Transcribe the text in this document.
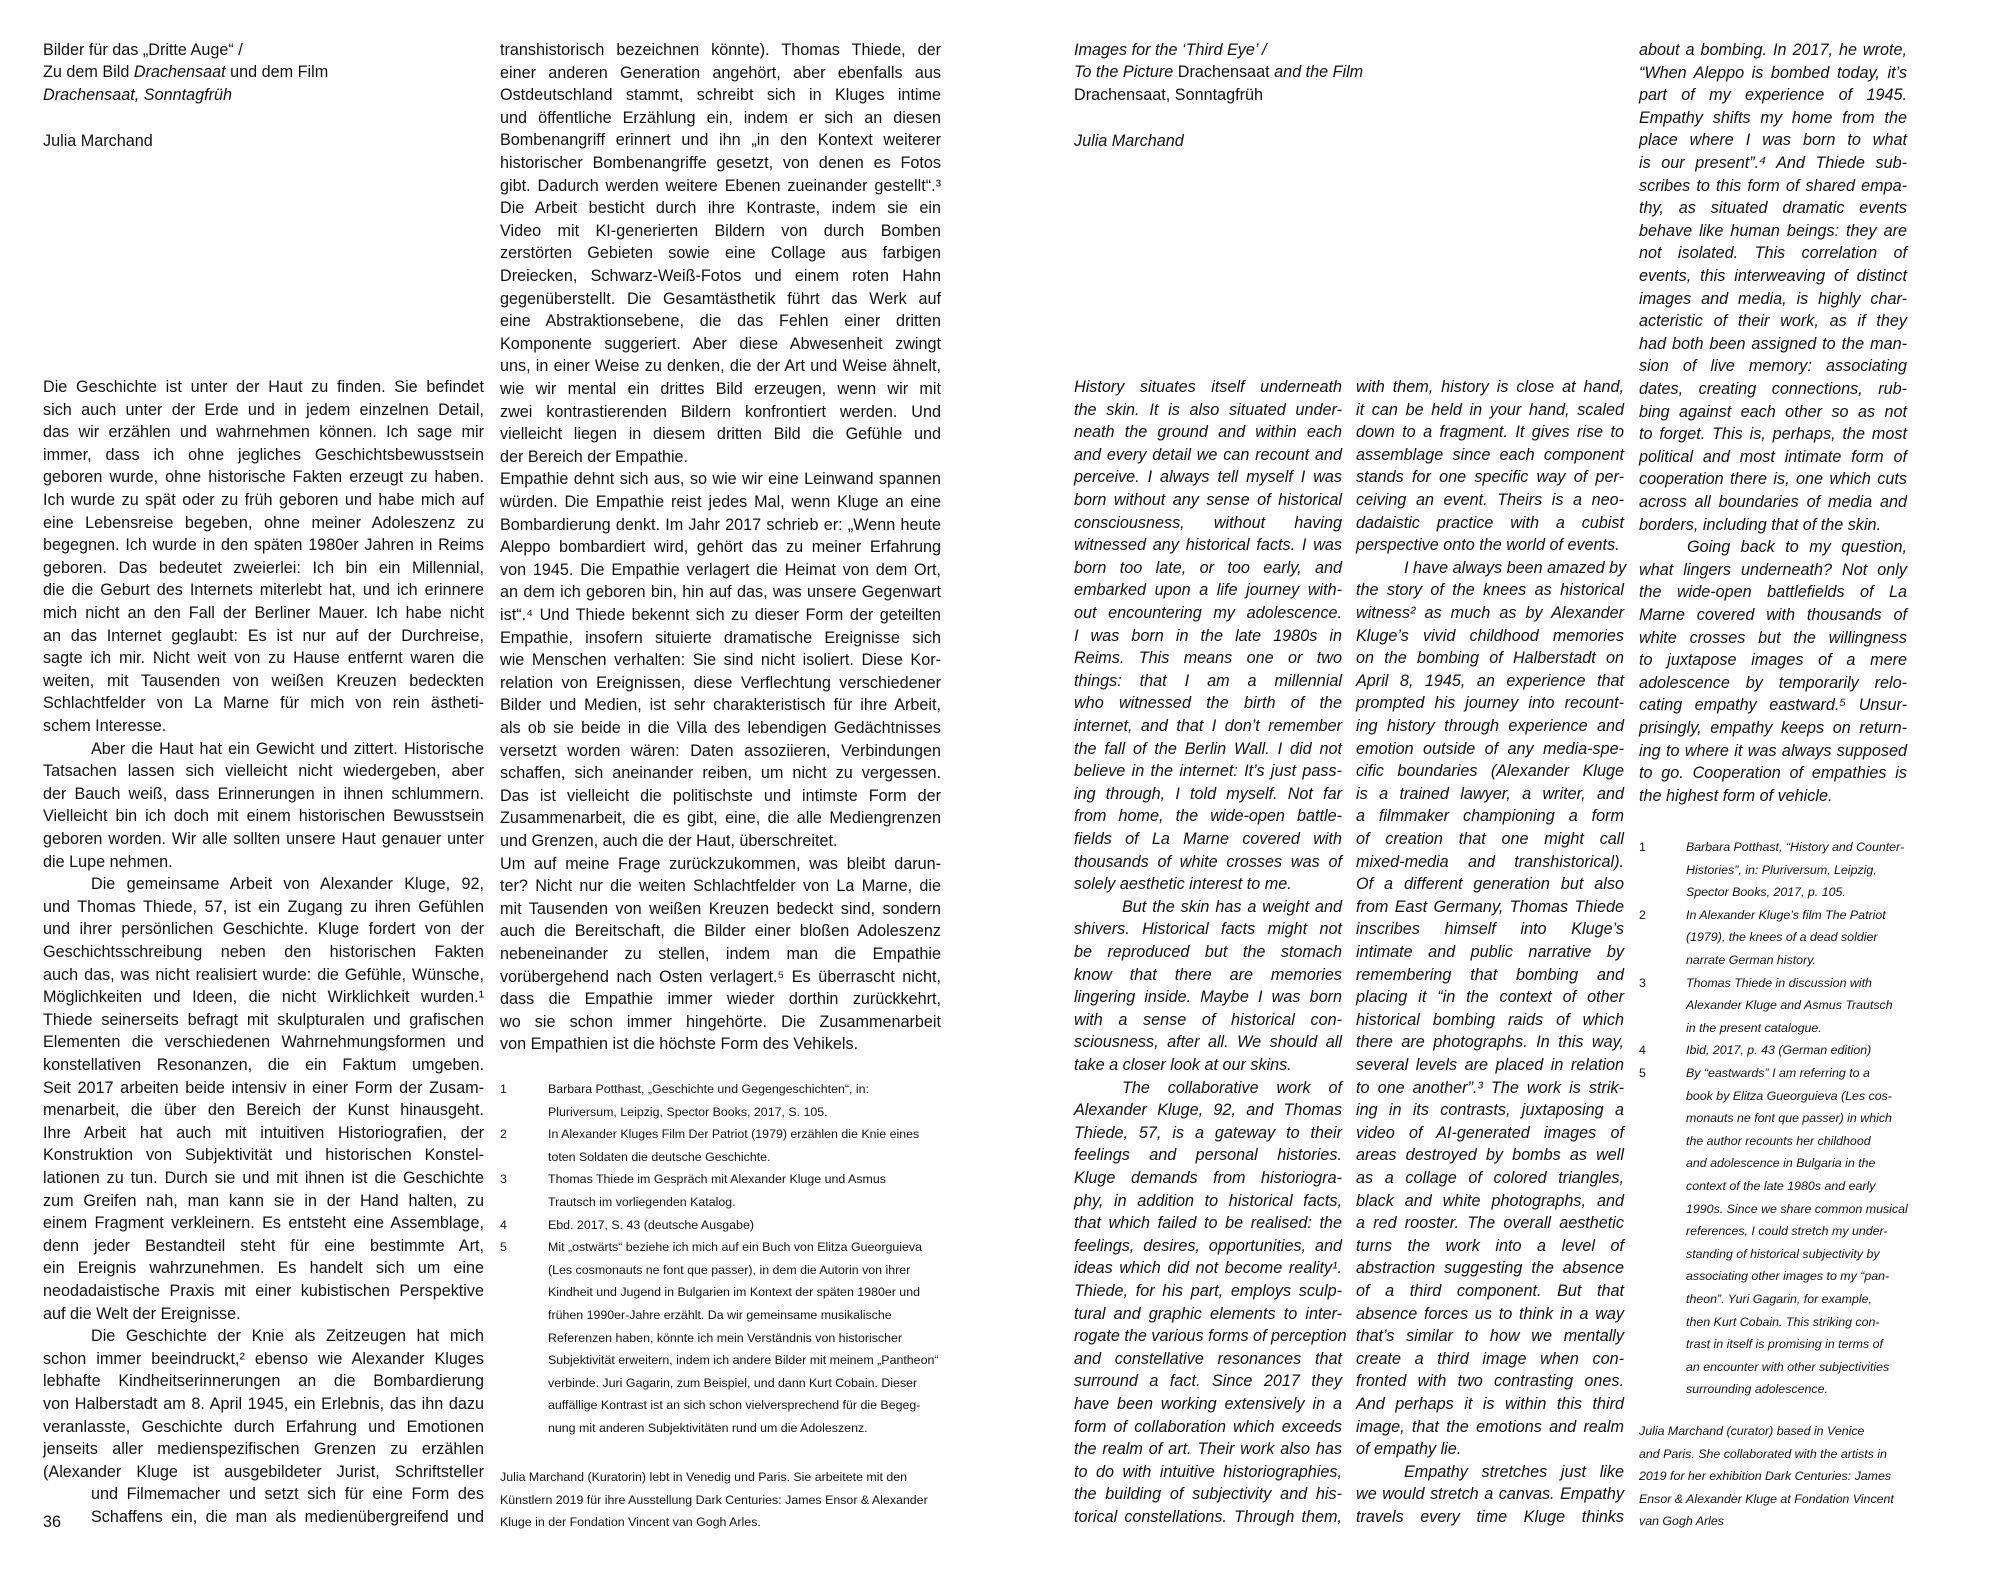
Bilder für das „Dritte Auge“ /
Zu dem Bild Drachensaat und dem Film
Drachensaat, Sonntagfrüh
Julia Marchand
Die Geschichte ist unter der Haut zu finden. Sie befindet
sich auch unter der Erde und in jedem einzelnen Detail,
das wir erzählen und wahrnehmen können. Ich sage mir
immer, dass ich ohne jegliches Geschichtsbewusstsein
geboren wurde, ohne historische Fakten erzeugt zu haben.
Ich wurde zu spät oder zu früh geboren und habe mich auf
eine Lebensreise begeben, ohne meiner Adoleszenz zu
begegnen. Ich wurde in den späten 1980er Jahren in Reims
geboren. Das bedeutet zweierlei: Ich bin ein Millennial,
die die Geburt des Internets miterlebt hat, und ich erinnere
mich nicht an den Fall der Berliner Mauer. Ich habe nicht
an das Internet geglaubt: Es ist nur auf der Durchreise,
sagte ich mir. Nicht weit von zu Hause entfernt waren die
weiten, mit Tausenden von weißen Kreuzen bedeckten
Schlachtfelder von La Marne für mich von rein ästheti-
schem Interesse.
Aber die Haut hat ein Gewicht und zittert. Historische
Tatsachen lassen sich vielleicht nicht wiedergeben, aber
der Bauch weiß, dass Erinnerungen in ihnen schlummern.
Vielleicht bin ich doch mit einem historischen Bewusstsein
geboren worden. Wir alle sollten unsere Haut genauer unter
die Lupe nehmen.
Die gemeinsame Arbeit von Alexander Kluge, 92,
und Thomas Thiede, 57, ist ein Zugang zu ihren Gefühlen
und ihrer persönlichen Geschichte. Kluge fordert von der
Geschichtsschreibung neben den historischen Fakten
auch das, was nicht realisiert wurde: die Gefühle, Wünsche,
Möglichkeiten und Ideen, die nicht Wirklichkeit wurden.¹
Thiede seinerseits befragt mit skulpturalen und grafischen
Elementen die verschiedenen Wahrnehmungsformen und
konstellativen Resonanzen, die ein Faktum umgeben.
Seit 2017 arbeiten beide intensiv in einer Form der Zusam-
menarbeit, die über den Bereich der Kunst hinausgeht.
Ihre Arbeit hat auch mit intuitiven Historiografien, der
Konstruktion von Subjektivität und historischen Konstel-
lationen zu tun. Durch sie und mit ihnen ist die Geschichte
zum Greifen nah, man kann sie in der Hand halten, zu
einem Fragment verkleinern. Es entsteht eine Assemblage,
denn jeder Bestandteil steht für eine bestimmte Art,
ein Ereignis wahrzunehmen. Es handelt sich um eine
neodadaistische Praxis mit einer kubistischen Perspektive
auf die Welt der Ereignisse.
Die Geschichte der Knie als Zeitzeugen hat mich
schon immer beeindruckt,² ebenso wie Alexander Kluges
lebhafte Kindheitserinnerungen an die Bombardierung
von Halberstadt am 8. April 1945, ein Erlebnis, das ihn dazu
veranlasste, Geschichte durch Erfahrung und Emotionen
jenseits aller medienspezifischen Grenzen zu erzählen
(Alexander Kluge ist ausgebildeter Jurist, Schriftsteller
und Filmemacher und setzt sich für eine Form des
Schaffens ein, die man als medienübergreifend und
transhistorisch bezeichnen könnte). Thomas Thiede, der
einer anderen Generation angehört, aber ebenfalls aus
Ostdeutschland stammt, schreibt sich in Kluges intime
und öffentliche Erzählung ein, indem er sich an diesen
Bombenangriff erinnert und ihn „in den Kontext weiterer
historischer Bombenangriffe gesetzt, von denen es Fotos
gibt. Dadurch werden weitere Ebenen zueinander gestellt“.³
Die Arbeit besticht durch ihre Kontraste, indem sie ein
Video mit KI-generierten Bildern von durch Bomben
zerstörten Gebieten sowie eine Collage aus farbigen
Dreiecken, Schwarz-Weiß-Fotos und einem roten Hahn
gegenüberstellt. Die Gesamtästhetik führt das Werk auf
eine Abstraktionsebene, die das Fehlen einer dritten
Komponente suggeriert. Aber diese Abwesenheit zwingt
uns, in einer Weise zu denken, die der Art und Weise ähnelt,
wie wir mental ein drittes Bild erzeugen, wenn wir mit
zwei kontrastierenden Bildern konfrontiert werden. Und
vielleicht liegen in diesem dritten Bild die Gefühle und
der Bereich der Empathie.
Empathie dehnt sich aus, so wie wir eine Leinwand spannen
würden. Die Empathie reist jedes Mal, wenn Kluge an eine
Bombardierung denkt. Im Jahr 2017 schrieb er: „Wenn heute
Aleppo bombardiert wird, gehört das zu meiner Erfahrung
von 1945. Die Empathie verlagert die Heimat von dem Ort,
an dem ich geboren bin, hin auf das, was unsere Gegenwart
ist“.⁴ Und Thiede bekennt sich zu dieser Form der geteilten
Empathie, insofern situierte dramatische Ereignisse sich
wie Menschen verhalten: Sie sind nicht isoliert. Diese Kor-
relation von Ereignissen, diese Verflechtung verschiedener
Bilder und Medien, ist sehr charakteristisch für ihre Arbeit,
als ob sie beide in die Villa des lebendigen Gedächtnisses
versetzt worden wären: Daten assoziieren, Verbindungen
schaffen, sich aneinander reiben, um nicht zu vergessen.
Das ist vielleicht die politischste und intimste Form der
Zusammenarbeit, die es gibt, eine, die alle Mediengrenzen
und Grenzen, auch die der Haut, überschreitet.
Um auf meine Frage zurückzukommen, was bleibt darun-
ter? Nicht nur die weiten Schlachtfelder von La Marne, die
mit Tausenden von weißen Kreuzen bedeckt sind, sondern
auch die Bereitschaft, die Bilder einer bloßen Adoleszenz
nebeneinander zu stellen, indem man die Empathie
vorübergehend nach Osten verlagert.⁵ Es überrascht nicht,
dass die Empathie immer wieder dorthin zurückkehrt,
wo sie schon immer hingehörte. Die Zusammenarbeit
von Empathien ist die höchste Form des Vehikels.
1	Barbara Potthast, „Geschichte und Gegengeschichten“, in:
Pluriversum, Leipzig, Spector Books, 2017, S. 105.
2	In Alexander Kluges Film Der Patriot (1979) erzählen die Knie eines
toten Soldaten die deutsche Geschichte.
3	Thomas Thiede im Gespräch mit Alexander Kluge und Asmus
Trautsch im vorliegenden Katalog.
4	Ebd. 2017, S. 43 (deutsche Ausgabe)
5	Mit „ostwärts“ beziehe ich mich auf ein Buch von Elitza Gueorguieva
(Les cosmonauts ne font que passer), in dem die Autorin von ihrer
Kindheit und Jugend in Bulgarien im Kontext der späten 1980er und
frühen 1990er-Jahre erzählt. Da wir gemeinsame musikalische
Referenzen haben, könnte ich mein Verständnis von historischer
Subjektivität erweitern, indem ich andere Bilder mit meinem „Pantheon“
verbinde. Juri Gagarin, zum Beispiel, und dann Kurt Cobain. Dieser
auffällige Kontrast ist an sich schon vielversprechend für die Begeg-
nung mit anderen Subjektivitäten rund um die Adoleszenz.
Julia Marchand (Kuratorin) lebt in Venedig und Paris. Sie arbeitete mit den
Künstlern 2019 für ihre Ausstellung Dark Centuries: James Ensor & Alexander
Kluge in der Fondation Vincent van Gogh Arles.
36
Images for the ‘Third Eye’ /
To the Picture Drachensaat and the Film
Drachensaat, Sonntagfrüh
Julia Marchand
History situates itself underneath
the skin. It is also situated under-
neath the ground and within each
and every detail we can recount and
perceive. I always tell myself I was
born without any sense of historical
consciousness, without having
witnessed any historical facts. I was
born too late, or too early, and
embarked upon a life journey with-
out encountering my adolescence.
I was born in the late 1980s in
Reims. This means one or two
things: that I am a millennial
who witnessed the birth of the
internet, and that I don’t remember
the fall of the Berlin Wall. I did not
believe in the internet: It’s just pass-
ing through, I told myself. Not far
from home, the wide-open battle-
fields of La Marne covered with
thousands of white crosses was of
solely aesthetic interest to me.
But the skin has a weight and
shivers. Historical facts might not
be reproduced but the stomach
know that there are memories
lingering inside. Maybe I was born
with a sense of historical con-
sciousness, after all. We should all
take a closer look at our skins.
The collaborative work of
Alexander Kluge, 92, and Thomas
Thiede, 57, is a gateway to their
feelings and personal histories.
Kluge demands from historiogra-
phy, in addition to historical facts,
that which failed to be realised: the
feelings, desires, opportunities, and
ideas which did not become reality¹.
Thiede, for his part, employs sculp-
tural and graphic elements to inter-
rogate the various forms of perception
and constellative resonances that
surround a fact. Since 2017 they
have been working extensively in a
form of collaboration which exceeds
the realm of art. Their work also has
to do with intuitive historiographies,
the building of subjectivity and his-
torical constellations. Through them,
with them, history is close at hand,
it can be held in your hand, scaled
down to a fragment. It gives rise to
assemblage since each component
stands for one specific way of per-
ceiving an event. Theirs is a neo-
dadaistic practice with a cubist
perspective onto the world of events.
I have always been amazed by
the story of the knees as historical
witness² as much as by Alexander
Kluge’s vivid childhood memories
on the bombing of Halberstadt on
April 8, 1945, an experience that
prompted his journey into recount-
ing history through experience and
emotion outside of any media-spe-
cific boundaries (Alexander Kluge
is a trained lawyer, a writer, and
a filmmaker championing a form
of creation that one might call
mixed-media and transhistorical).
Of a different generation but also
from East Germany, Thomas Thiede
inscribes himself into Kluge’s
intimate and public narrative by
remembering that bombing and
placing it “in the context of other
historical bombing raids of which
there are photographs. In this way,
several levels are placed in relation
to one another”.³ The work is strik-
ing in its contrasts, juxtaposing a
video of AI-generated images of
areas destroyed by bombs as well
as a collage of colored triangles,
black and white photographs, and
a red rooster. The overall aesthetic
turns the work into a level of
abstraction suggesting the absence
of a third component. But that
absence forces us to think in a way
that’s similar to how we mentally
create a third image when con-
fronted with two contrasting ones.
And perhaps it is within this third
image, that the emotions and realm
of empathy lie.
Empathy stretches just like
we would stretch a canvas. Empathy
travels every time Kluge thinks
about a bombing. In 2017, he wrote,
“When Aleppo is bombed today, it’s
part of my experience of 1945.
Empathy shifts my home from the
place where I was born to what
is our present”.⁴ And Thiede sub-
scribes to this form of shared empa-
thy, as situated dramatic events
behave like human beings: they are
not isolated. This correlation of
events, this interweaving of distinct
images and media, is highly char-
acteristic of their work, as if they
had both been assigned to the man-
sion of live memory: associating
dates, creating connections, rub-
bing against each other so as not
to forget. This is, perhaps, the most
political and most intimate form of
cooperation there is, one which cuts
across all boundaries of media and
borders, including that of the skin.
Going back to my question,
what lingers underneath? Not only
the wide-open battlefields of La
Marne covered with thousands of
white crosses but the willingness
to juxtapose images of a mere
adolescence by temporarily relo-
cating empathy eastward.⁵ Unsur-
prisingly, empathy keeps on return-
ing to where it was always supposed
to go. Cooperation of empathies is
the highest form of vehicle.
1	Barbara Potthast, “History and Counter-
Histories”, in: Pluriversum, Leipzig,
Spector Books, 2017, p. 105.
2	In Alexander Kluge’s film The Patriot
(1979), the knees of a dead soldier
narrate German history.
3	Thomas Thiede in discussion with
Alexander Kluge and Asmus Trautsch
in the present catalogue.
4	Ibid, 2017, p. 43 (German edition)
5	By “eastwards” I am referring to a
book by Elitza Gueorguieva (Les cos-
monauts ne font que passer) in which
the author recounts her childhood
and adolescence in Bulgaria in the
context of the late 1980s and early
1990s. Since we share common musical
references, I could stretch my under-
standing of historical subjectivity by
associating other images to my “pan-
theon”. Yuri Gagarin, for example,
then Kurt Cobain. This striking con-
trast in itself is promising in terms of
an encounter with other subjectivities
surrounding adolescence.
Julia Marchand (curator) based in Venice
and Paris. She collaborated with the artists in
2019 for her exhibition Dark Centuries: James
Ensor & Alexander Kluge at Fondation Vincent
van Gogh Arles
